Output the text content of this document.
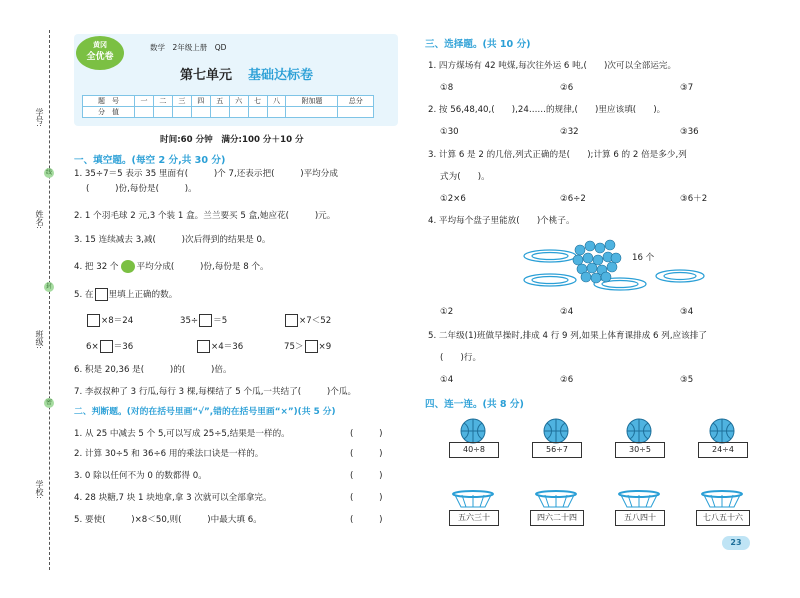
学号:
姓名:
班级:
学校:
线
封
密
黄冈
全优卷
数学　2年级上册　QD
第七单元 基础达标卷
题　号	一	二	三	四	五	六	七	八	附加题	总分
分　值										
时间:60 分钟　满分:100 分＋10 分
一、填空题。(每空 2 分,共 30 分)
1. 35÷7＝5 表示 35 里面有(　　　)个 7,还表示把(　　　)平均分成
(　　　)份,每份是(　　　)。
2. 1 个羽毛球 2 元,3 个装 1 盒。兰兰要买 5 盒,她应花(　　　)元。
3. 15 连续减去 3,减(　　　)次后得到的结果是 0。
4. 把 32 个 平均分成(　　　)份,每份是 8 个。
5. 在 里填上正确的数。
×8＝24	35÷ ＝5	×7＜52
6× ＝36	×4＝36	75＞ ×9
6. 积是 20,36 是(　　　)的(　　　)倍。
7. 李叔叔种了 3 行瓜,每行 3 棵,每棵结了 5 个瓜,一共结了(　　　)个瓜。
二、判断题。(对的在括号里画“√”,错的在括号里画“×”)(共 5 分)
1. 从 25 中减去 5 个 5,可以写成 25÷5,结果是一样的。	(　　　)
2. 计算 30÷5 和 36÷6 用的乘法口诀是一样的。	(　　　)
3. 0 除以任何不为 0 的数都得 0。	(　　　)
4. 28 块糖,7 块 1 块地拿,拿 3 次就可以全部拿完。	(　　　)
5. 要使(　　　)×8＜50,则(　　　)中最大填 6。	(　　　)
三、选择题。(共 10 分)
1. 四方煤场有 42 吨煤,每次往外运 6 吨,(　　)次可以全部运完。
①8	②6	③7
2. 按 56,48,40,(　　),24……的规律,(　　)里应该填(　　)。
①30	②32	③36
3. 计算 6 是 2 的几倍,列式正确的是(　　);计算 6 的 2 倍是多少,列
式为(　　)。
①2×6	②6÷2	③6＋2
4. 平均每个盘子里能放(　　)个桃子。
16 个
①2	②4	③4
5. 二年级(1)班做早操时,排成 4 行 9 列,如果上体育课排成 6 列,应该排了
(　　)行。
①4	②6	③5
四、连一连。(共 8 分)
40÷8	56÷7	30÷5	24÷4
五六三十	四六二十四	五八四十	七八五十六
23
